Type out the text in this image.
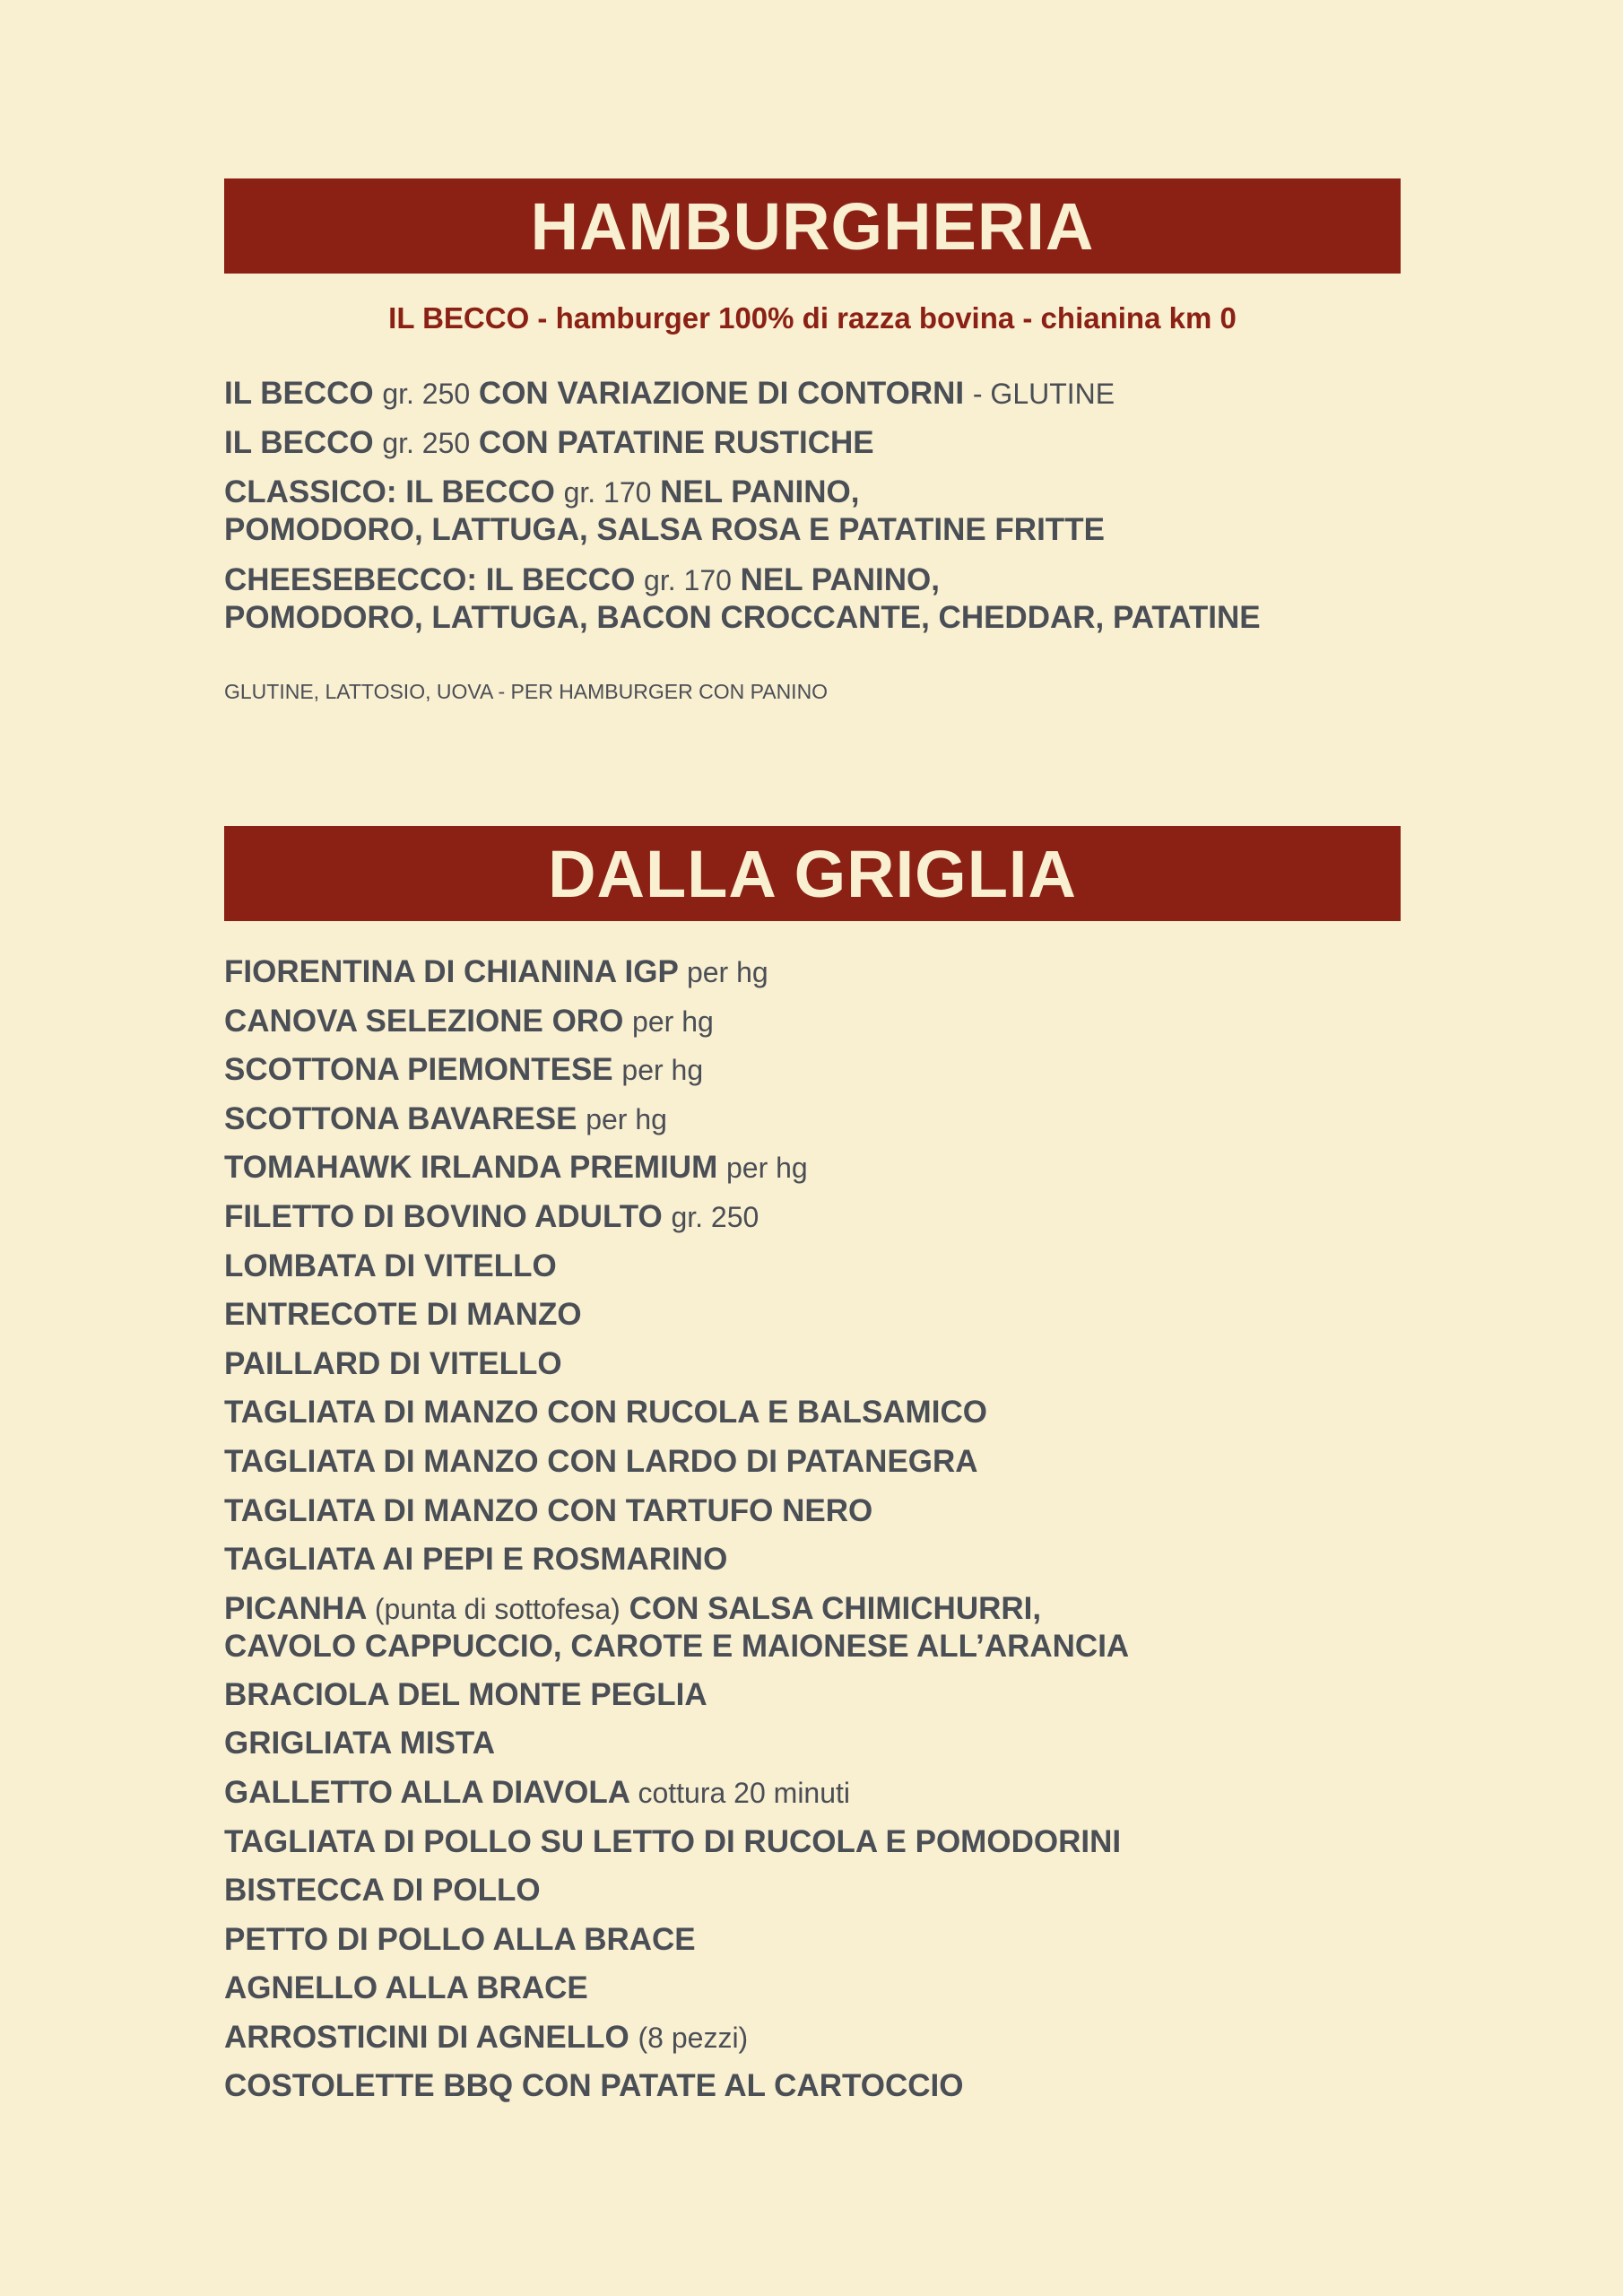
HAMBURGHERIA
IL BECCO - hamburger 100% di razza bovina - chianina km 0
IL BECCO gr. 250 CON VARIAZIONE DI CONTORNI - GLUTINE
IL BECCO gr. 250 CON PATATINE RUSTICHE
CLASSICO: IL BECCO gr. 170 NEL PANINO,
POMODORO, LATTUGA, SALSA ROSA E PATATINE FRITTE
CHEESEBECCO: IL BECCO gr. 170 NEL PANINO,
POMODORO, LATTUGA, BACON CROCCANTE, CHEDDAR, PATATINE
GLUTINE, LATTOSIO, UOVA - PER HAMBURGER CON PANINO
DALLA GRIGLIA
FIORENTINA DI CHIANINA IGP per hg
CANOVA SELEZIONE ORO per hg
SCOTTONA PIEMONTESE per hg
SCOTTONA BAVARESE per hg
TOMAHAWK IRLANDA PREMIUM per hg
FILETTO DI BOVINO ADULTO gr. 250
LOMBATA DI VITELLO
ENTRECOTE DI MANZO
PAILLARD DI VITELLO
TAGLIATA DI MANZO CON RUCOLA E BALSAMICO
TAGLIATA DI MANZO CON LARDO DI PATANEGRA
TAGLIATA DI MANZO CON TARTUFO NERO
TAGLIATA AI PEPI E ROSMARINO
PICANHA (punta di sottofesa) CON SALSA CHIMICHURRI,
CAVOLO CAPPUCCIO, CAROTE E MAIONESE ALL’ARANCIA
BRACIOLA DEL MONTE PEGLIA
GRIGLIATA MISTA
GALLETTO ALLA DIAVOLA cottura 20 minuti
TAGLIATA DI POLLO SU LETTO DI RUCOLA E POMODORINI
BISTECCA DI POLLO
PETTO DI POLLO ALLA BRACE
AGNELLO ALLA BRACE
ARROSTICINI DI AGNELLO (8 pezzi)
COSTOLETTE BBQ CON PATATE AL CARTOCCIO
